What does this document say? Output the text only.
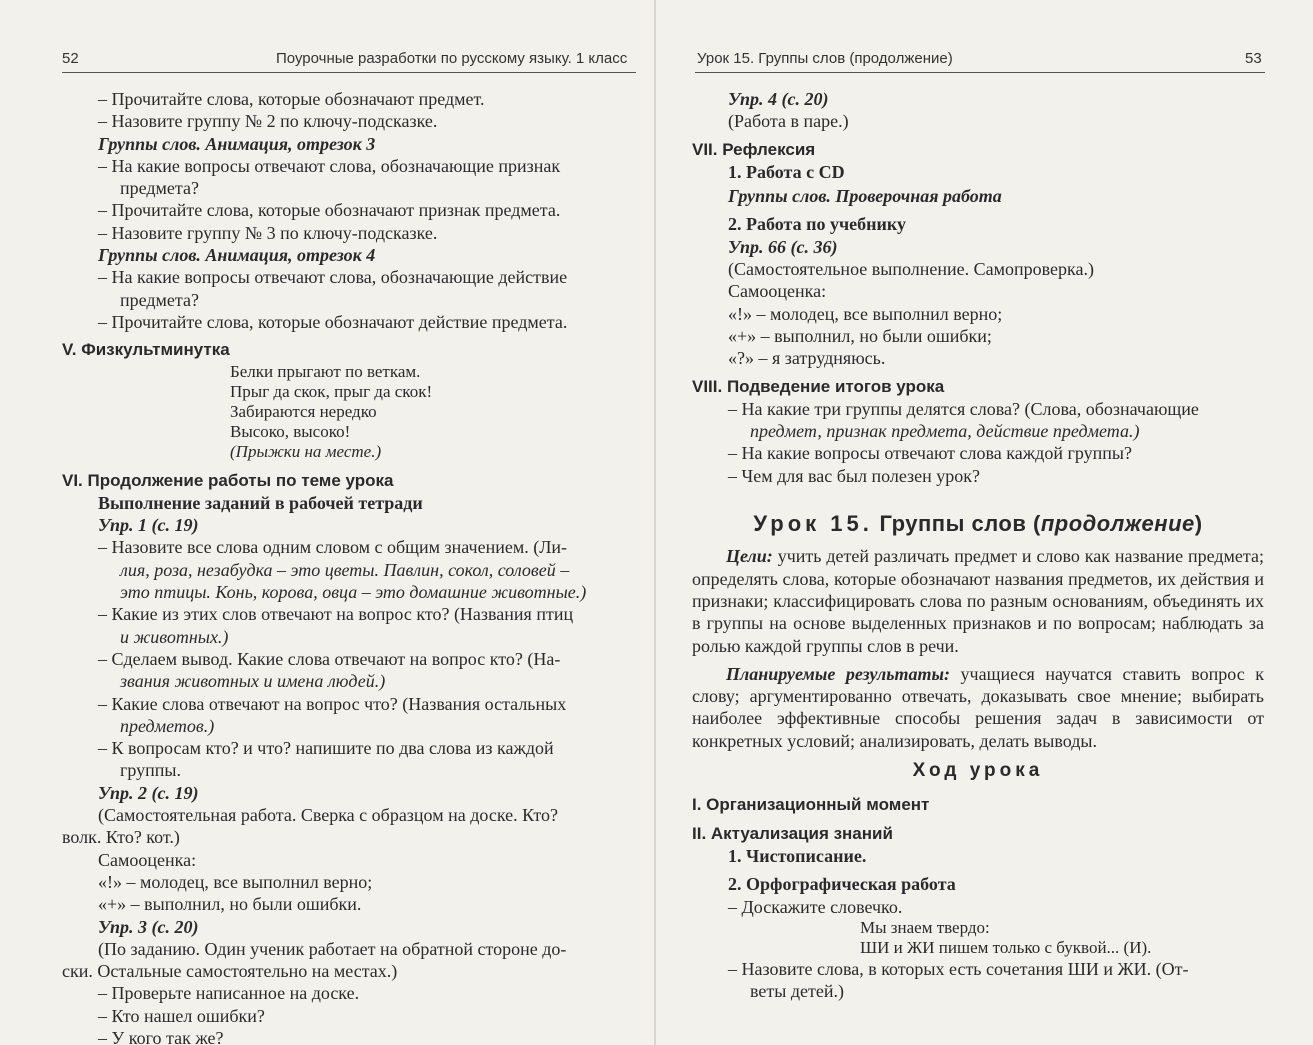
52	Поурочные разработки по русскому языку. 1 класс
– Прочитайте слова, которые обозначают предмет.
– Назовите группу № 2 по ключу-подсказке.
Группы слов. Анимация, отрезок 3
– На какие вопросы отвечают слова, обозначающие признак
предмета?
– Прочитайте слова, которые обозначают признак предмета.
– Назовите группу № 3 по ключу-подсказке.
Группы слов. Анимация, отрезок 4
– На какие вопросы отвечают слова, обозначающие действие
предмета?
– Прочитайте слова, которые обозначают действие предмета.
V. Физкультминутка
Белки прыгают по веткам.
Прыг да скок, прыг да скок!
Забираются нередко
Высоко, высоко!
(Прыжки на месте.)
VI. Продолжение работы по теме урока
Выполнение заданий в рабочей тетради
Упр. 1 (с. 19)
– Назовите все слова одним словом с общим значением. (Ли-
лия, роза, незабудка – это цветы. Павлин, сокол, соловей –
это птицы. Конь, корова, овца – это домашние животные.)
– Какие из этих слов отвечают на вопрос кто? (Названия птиц
и животных.)
– Сделаем вывод. Какие слова отвечают на вопрос кто? (На-
звания животных и имена людей.)
– Какие слова отвечают на вопрос что? (Названия остальных
предметов.)
– К вопросам кто? и что? напишите по два слова из каждой
группы.
Упр. 2 (с. 19)
(Самостоятельная работа. Сверка с образцом на доске. Кто?
волк. Кто? кот.)
Самооценка:
«!» – молодец, все выполнил верно;
«+» – выполнил, но были ошибки.
Упр. 3 (с. 20)
(По заданию. Один ученик работает на обратной стороне до-
ски. Остальные самостоятельно на местах.)
– Проверьте написанное на доске.
– Кто нашел ошибки?
– У кого так же?
Урок 15. Группы слов (продолжение)	53
Упр. 4 (с. 20)
(Работа в паре.)
VII. Рефлексия
1. Работа с CD
Группы слов. Проверочная работа
2. Работа по учебнику
Упр. 66 (с. 36)
(Самостоятельное выполнение. Самопроверка.)
Самооценка:
«!» – молодец, все выполнил верно;
«+» – выполнил, но были ошибки;
«?» – я затрудняюсь.
VIII. Подведение итогов урока
– На какие три группы делятся слова? (Слова, обозначающие
предмет, признак предмета, действие предмета.)
– На какие вопросы отвечают слова каждой группы?
– Чем для вас был полезен урок?
Урок 15. Группы слов (продолжение)
Цели: учить детей различать предмет и слово как название предмета; определять слова, которые обозначают названия предметов, их действия и признаки; классифицировать слова по разным основаниям, объединять их в группы на основе выделенных признаков и по вопросам; наблюдать за ролью каждой группы слов в речи.
Планируемые результаты: учащиеся научатся ставить вопрос к слову; аргументированно отвечать, доказывать свое мнение; выбирать наиболее эффективные способы решения задач в зависимости от конкретных условий; анализировать, делать выводы.
Ход урока
I. Организационный момент
II. Актуализация знаний
1. Чистописание.
2. Орфографическая работа
– Доскажите словечко.
Мы знаем твердо:
ШИ и ЖИ пишем только с буквой... (И).
– Назовите слова, в которых есть сочетания ШИ и ЖИ. (От-
веты детей.)
